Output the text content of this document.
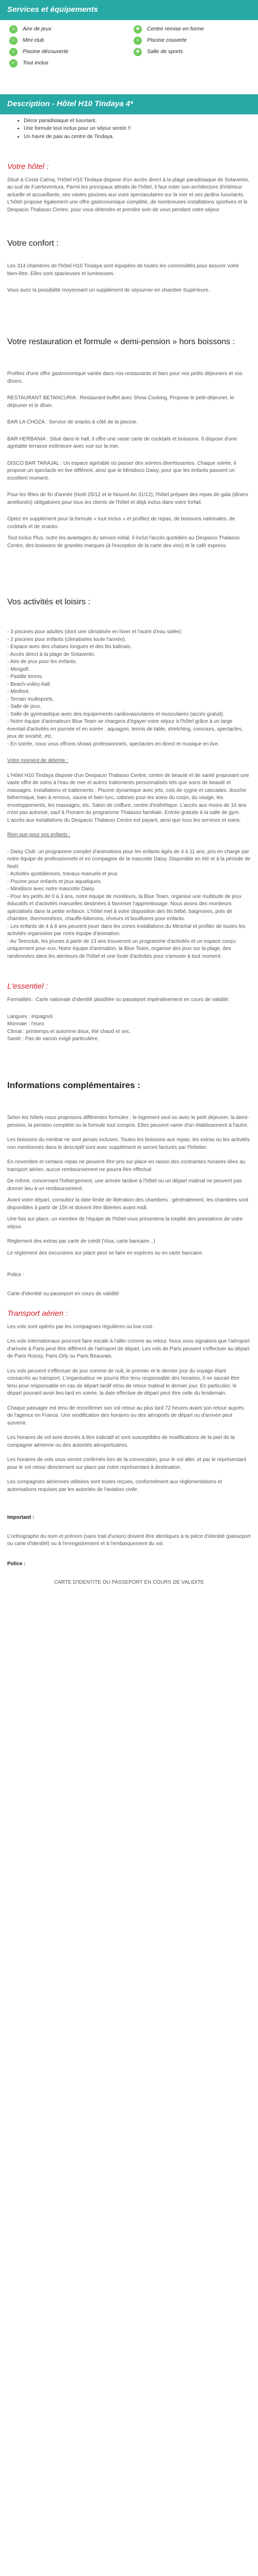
Services et équipements
☺ Aire de jeux	✚	Centre remise en forme
☆	Mini club	≈	Piscine couverte
≈	Piscine découverte	✚	Salle de sports
✓	Tout inclus
Description - Hôtel H10 Tindaya 4*
• Décor paradisiaque et luxuriant.
• Une formule tout inclus pour un séjour serein !!
• Un havre de paix au centre de Tindaya.
Votre hôtel :

Situé à Costa Calma, l'Hôtel H10 Tindaya dispose d'un accès direct à la plage paradisiaque de Sotavento, au sud de Fuerteventura. Parmi les principaux attraits de l'hôtel, il faut noter son architecture d'intérieur actuelle et accueillante, ses vastes piscines aux vues spectaculaires sur la mer et ses jardins luxuriants. L'hôtel propose également une offre gastronomique complète, de nombreuses installations sportives et le Despacio Thalasso Centre, pour vous détendre et prendre soin de vous pendant votre séjour.

Votre confort :

Les 314 chambres de l'hôtel H10 Tindaya sont équipées de toutes les commodités pour assurer votre bien-être. Elles sont spacieuses et lumineuses.

Vous avez la possibilité moyennant un supplément de séjourner en chambre Supérieure.

Votre restauration et formule « demi-pension » hors boissons :

Profitez d'une offre gastronomique variée dans nos restaurants et bars pour vos petits déjeuners et vos dîners.

RESTAURANT BETANCURIA : Restaurant-buffet avec Show Cooking. Propose le petit-déjeuner, le déjeuner et le dîner.

BAR LA CHOZA : Service de snacks à côté de la piscine.

BAR HERBANIA : Situé dans le hall, il offre une vaste carte de cocktails et boissons. Il dispose d'une agréable terrasse extérieure avec vue sur la mer.

DISCO BAR TARAJAL : Un espace agréable où passer des soirées divertissantes. Chaque soirée, il propose un spectacle en live différent, ainsi que le Minidisco Daisy, pour que les enfants passent un excellent moment.

Pour les fêtes de fin d'année (Noël 25/12 et le Nouvel An 31/12), l'hôtel prépare des repas de gala (dîners amélionés) obligatoires pour tous les clients de l'hôtel et déjà inclus dans votre forfait.

Optez en supplément pour la formule « tout inclus » et profitez de repas, de boissons nationales, de cocktails et de snacks.

Tout inclus Plus, outre les avantages du service initial, il inclut l'accès quotidien au Despacio Thalasso Centre, des boissons de grandes marques (à l'exception de la carte des vins) et le café express.

Vos activités et loisirs :

- 3 piscines pour adultes (dont une climatisée en hiver et l'autre d'eau salée).

- 2 piscines pour enfants (climatisées toute l'année).

- Espace avec des chaises longues et des lits balinais.

- Accès direct à la plage de Sotavento.

- Aire de jeux pour les enfants.

- Minigolf.

- Paddle tennis.

- Beach-volley-ball.

- Minifoot.

- Terrain multisports.

- Salle de jeux.

- Salle de gymnastique avec des équipements cardiovasculaires et musculaires (accès gratuit).

- Notre équipe d'animateurs Blue Team se chargera d'égayer votre séjour à l'hôtel grâce à un large éventail d'activités en journée et en soirée : aquagym, tennis de table, stretching, concours, spectacles, jeux de société, etc.

- En soirée, nous vous offrons shows professionnels, spectacles en direct et musique en live.

Votre moment de détente :

L'Hôtel H10 Tindaya dispose d'un Despacio Thalasso Centre, centre de beauté et de santé proposant une vaste offre de soins à l'eau de mer et autres traitements personnalisés tels que soins de beauté et massages. Installations et traitements : Piscine dynamique avec jets, cols de cygne et cascades, douche bithermique, bain à remous, sauna et bain turc, cabines pour les soins du corps, du visage, les enveloppements, les massages, etc. Salon de coiffure, centre d'esthétique. L'accès aux moins de 16 ans n'est pas autorisé, sauf à l'horaire du programme Thalasso familiale. Entrée gratuite à la salle de gym. L'accès aux installations du Despacio Thalasso Centre est payant, ainsi que tous les services et soins.

Rien que pour vos enfants :

- Daisy Club: un programme complet d'animations pour les enfants âgés de 4 à 11 ans, pris en charge par notre équipe de professionnels et en compagnie de la mascotte Daisy. Disponible en été et à la période de Noël.

- Activités quotidiennes, travaux manuels et jeux.

- Piscine pour enfants et jeux aquatiques.

- Minidisco avec notre mascotte Daisy.

- Pour les petits de 0 à 3 ans, notre équipe de moniteurs, la Blue Team, organise une multitude de jeux éducatifs et d'activités manuelles destinées à favoriser l'apprentissage. Nous avons des moniteurs spécialisés dans la petite enfance. L'hôtel met à votre disposition des lits bébé, baignoires, pots de chambre, thermomètres, chauffe-biberons, réveurs et bouilloires pour enfants.

- Les enfants de 4 à 8 ans peuvent jouer dans les zones installations du Minichal et profiter de toutes les activités organisées par notre équipe d'animation.

- Au Teenclub, les jeunes à partir de 13 ans trouveront un programme d'activités et un espace conçu uniquement pour eux. Notre équipe d'animation, la Blue Team, organise des jeux sur la plage, des randonnées dans les alentours de l'hôtel et une foule d'activités pour s'amuser à tout moment.

L'essentiel :

Formalités : Carte nationale d'identité plastifiée ou passeport impérativement en cours de validité.

Langues : espagnol.

Monnaie : l'euro.

Climat : printemps et automne doux, été chaud et sec.

Santé : Pas de vaccin exigé particulière.

Informations complémentaires :

Selon les hôtels nous proposons différentes formules : le logement seul ou avec le petit déjeuner, la demi-pension, la pension complète ou la formule tout compris. Elles peuvent varier d'un établissement à l'autre.

Les boissons du minibar ne sont jamais incluses. Toutes les boissons aux repas, les extras ou les activités non mentionnés dans le descriptif sont avec supplément et seront facturés par l'hôtelier.

En novembre et certains repas ne peuvent être pris sur place en raison des contraintes horaires liées au transport aérien, aucun remboursement ne pourra être effectué.

De même, concernant l'hébergement, une arrivée tardive à l'hôtel ou un départ matinal ne peuvent pas donner lieu à un remboursement.

Avant votre départ, consultez la date limite de libération des chambres : généralement, les chambres sont disponibles à partir de 15h et doivent être libérées avant midi.

Une fois sur place, un membre de l'équipe de l'hôtel vous présentera la totalité des prestations de votre séjour.

Règlement des extras par carte de crédit (Visa, carte bancaire...)

Le règlement des excursions sur place peut se faire en espèces ou en carte bancaire.

Police :

Carte d'identité ou passeport en cours de validité

Transport aérien :

Les vols sont opérés par les compagnies régulières ou low cost.

Les vols internationaux pourront faire escale à l'aller comme au retour. Nous vous signalons que l'aéroport d'arrivée à Paris peut être différent de l'aéroport de départ. Les vols de Paris peuvent s'effectuer au départ de Paris Roissy, Paris Orly ou Paris Beauvais.

Les vols peuvent s'effectuer de jour comme de nuit, le premier et le dernier jour du voyage étant consacrés au transport. L'organisateur ne pourra être tenu responsable des horaires, il ne saurait être tenu pour responsable en cas de départ tardif et/ou de retour matinal le dernier jour. En particulier, le départ pouvant avoir lieu tard en soirée, la date effective de départ peut être celle du lendemain.

Chaque passager est tenu de reconfirmer son vol retour au plus tard 72 heures avant son retour auprès de l'agence en France. Une modification des horaires ou des aéroports de départ ou d'arrivée peut survenir.

Les horaires de vol sont donnés à titre indicatif et sont susceptibles de modifications de la part de la compagnie aérienne ou des autorités aéroportuaires.

Les horaires de vols vous seront confirmés lors de la convocation, pour le vol aller, et par le représentant pour le vol retour directement sur place par notre représentant à destination.

Les compagnies aériennes utilisées sont toutes reçues, conformément aux réglementations et autorisations requises par les autorités de l'aviation civile.

Important :

L'orthographe du nom et prénom (sans trait d'union) doivent être identiques à la pièce d'identité (passeport ou carte d'identité) ou à l'enregistrement et à l'embarquement du vol.

Police :

CARTE D'IDENTITE OU PASSEPORT EN COURS DE VALIDITE
